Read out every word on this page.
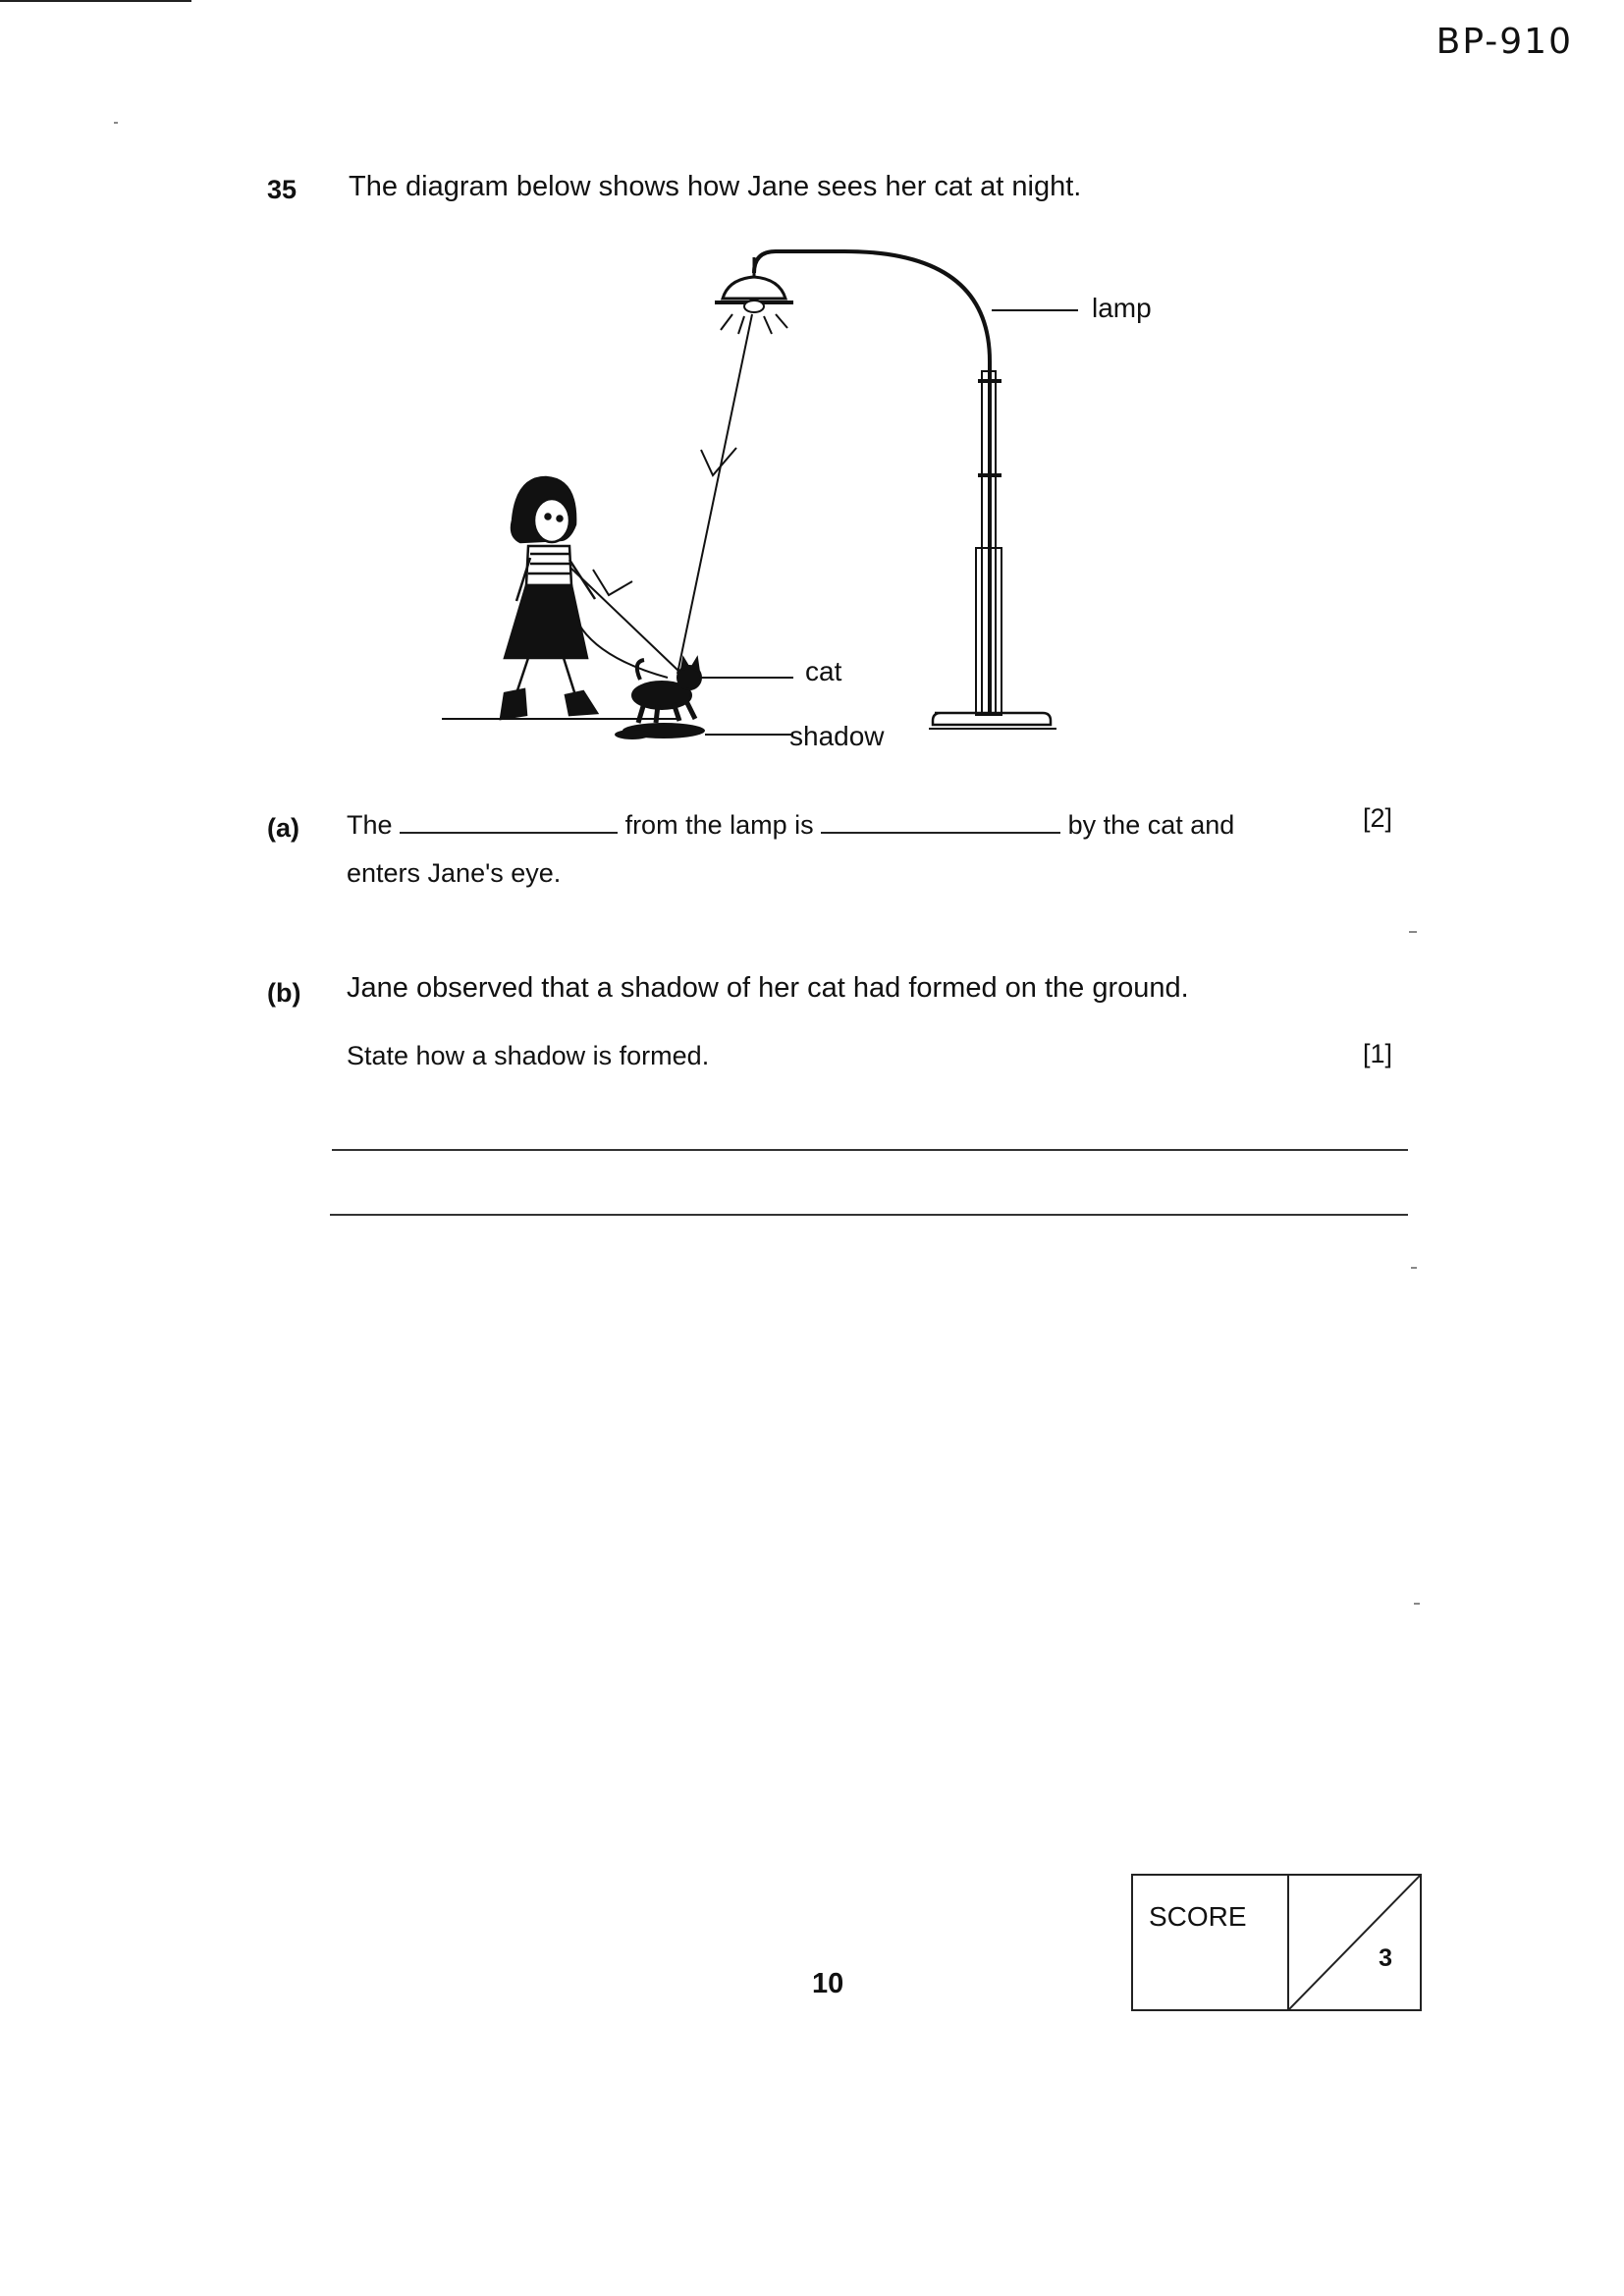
BP-910
35 The diagram below shows how Jane sees her cat at night.
lamp
cat
shadow
(a) The	from the lamp is	by the cat and	[2]
enters Jane's eye.
(b) Jane observed that a shadow of her cat had formed on the ground.
State how a shadow is formed.	[1]
10
SCORE
3
